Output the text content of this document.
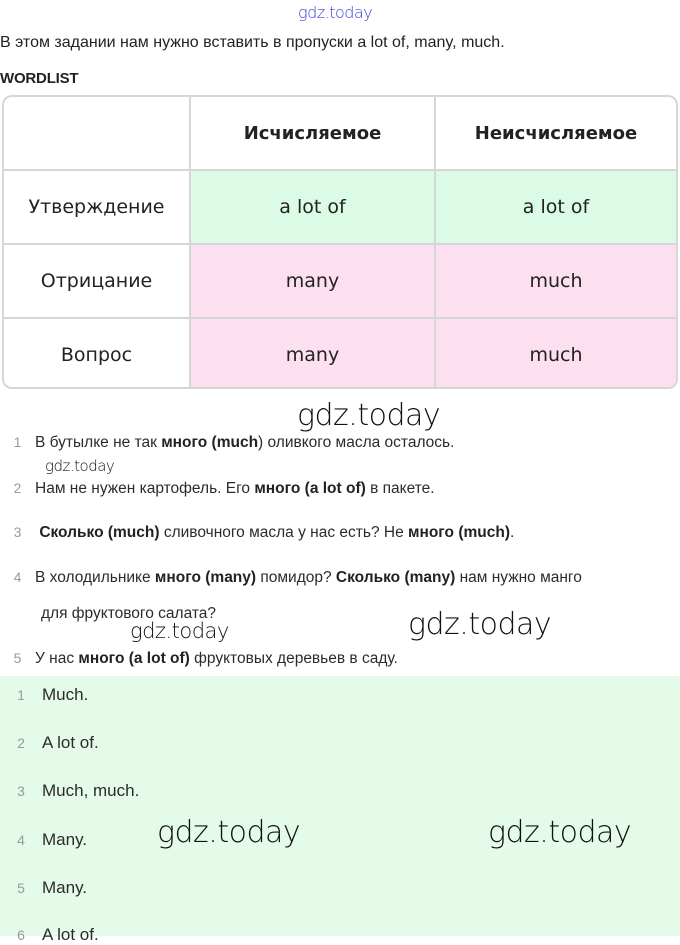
gdz.today
В этом задании нам нужно вставить в пропуски a lot of, many, much.
WORDLIST
	Исчисляемое	Неисчисляемое
Утверждение	a lot of	a lot of
Отрицание	many	much
Вопрос	many	much
gdz.today
1 В бутылке не так много (much) оливкого масла осталось.
gdz.today
2 Нам не нужен картофель. Его много (a lot of) в пакете.
3 Сколько (much) сливочного масла у нас есть? Не много (much).
4 В холодильнике много (many) помидор? Сколько (many) нам нужно манго
для фруктового салата?
gdz.today	gdz.today
5 У нас много (a lot of) фруктовых деревьев в саду.
1 Much.
2 A lot of.
3 Much, much.
4 Many.
5 Many.
6 A lot of.
gdz.today	gdz.today
